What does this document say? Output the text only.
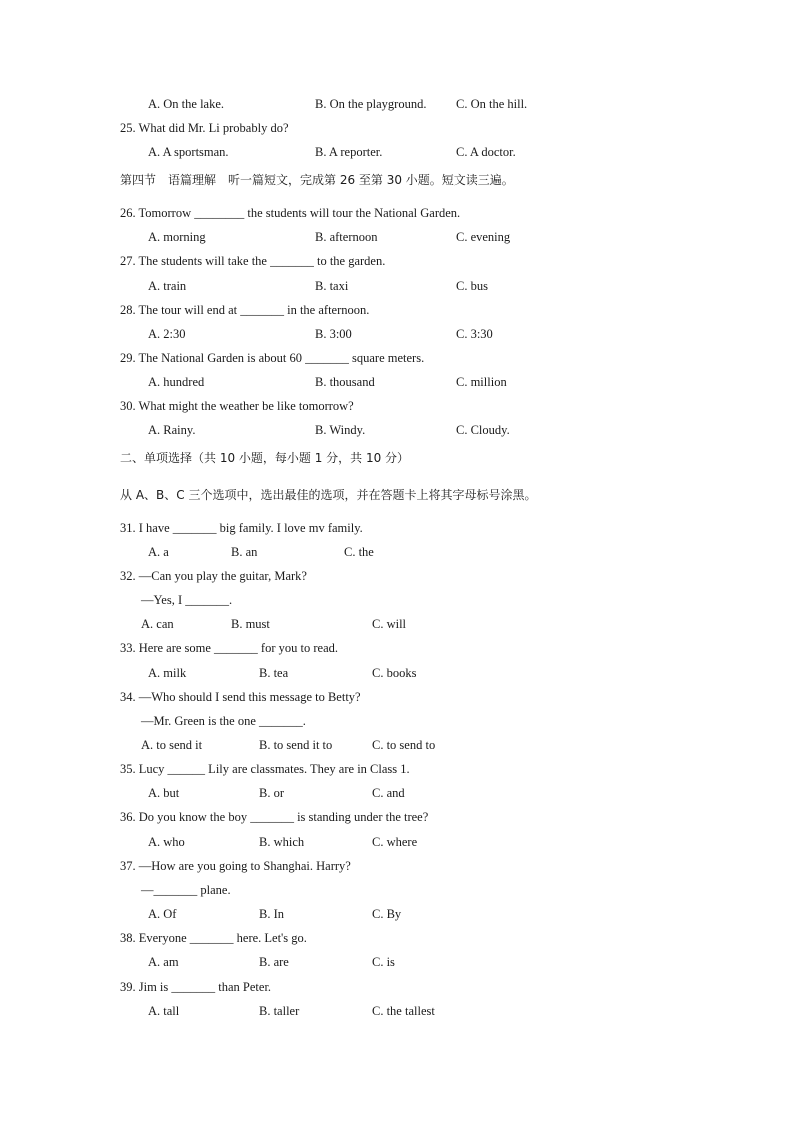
A. On the lake.	B. On the playground. C. On the hill.
25. What did Mr. Li probably do?
A. A sportsman.	B. A reporter.	C. A doctor.
第四节　语篇理解　听一篇短文，完成第 26 至第 30 小题。短文读三遍。
26. Tomorrow ________ the students will tour the National Garden.
A. morning	B. afternoon	C. evening
27. The students will take the _______ to the garden.
A. train	B. taxi	C. bus
28. The tour will end at _______ in the afternoon.
A. 2:30	B. 3:00	C. 3:30
29. The National Garden is about 60 _______ square meters.
A. hundred	B. thousand	C. million
30. What might the weather be like tomorrow?
A. Rainy.	B. Windy.	C. Cloudy.
二、单项选择（共 10 小题，每小题 1 分，共 10 分）
从 A、B、C 三个选项中，选出最佳的选项，并在答题卡上将其字母标号涂黑。
31. I have _______ big family. I love mv family.
A. a	B. an	C. the
32. —Can you play the guitar, Mark?
—Yes, I _______.
A. can	B. must	C. will
33. Here are some _______ for you to read.
A. milk	B. tea	C. books
34. —Who should I send this message to Betty?
—Mr. Green is the one _______.
A. to send it	B. to send it to	C. to send to
35. Lucy ______ Lily are classmates. They are in Class 1.
A. but	B. or	C. and
36. Do you know the boy _______ is standing under the tree?
A. who	B. which	C. where
37. —How are you going to Shanghai. Harry?
—_______ plane.
A. Of	B. In	C. By
38. Everyone _______ here. Let's go.
A. am	B. are	C. is
39. Jim is _______ than Peter.
A. tall	B. taller	C. the tallest
